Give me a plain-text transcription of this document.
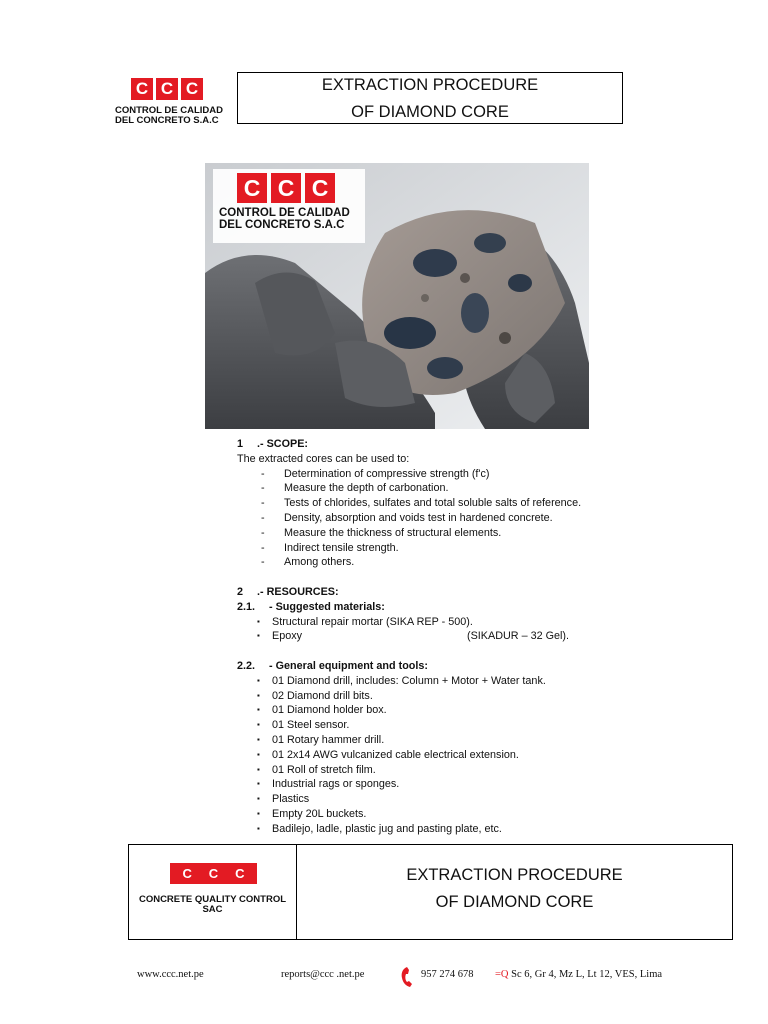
C C C
CONTROL DE CALIDAD
DEL CONCRETO S.A.C
EXTRACTION PROCEDURE
OF DIAMOND CORE
C C C
CONTROL DE CALIDAD
DEL CONCRETO S.A.C
1 .- SCOPE:
The extracted cores can be used to:
- Determination of compressive strength (f'c)
- Measure the depth of carbonation.
- Tests of chlorides, sulfates and total soluble salts of reference.
- Density, absorption and voids test in hardened concrete.
- Measure the thickness of structural elements.
- Indirect tensile strength.
- Among others.
2 .- RESOURCES:
2.1. - Suggested materials:
▪ Structural repair mortar (SIKA REP - 500).
▪ Epoxy	(SIKADUR – 32 Gel).
2.2. - General equipment and tools:
▪ 01 Diamond drill, includes: Column + Motor + Water tank.
▪ 02 Diamond drill bits.
▪ 01 Diamond holder box.
▪ 01 Steel sensor.
▪ 01 Rotary hammer drill.
▪ 01 2x14 AWG vulcanized cable electrical extension.
▪ 01 Roll of stretch film.
▪ Industrial rags or sponges.
▪ Plastics
▪ Empty 20L buckets.
▪ Badilejo, ladle, plastic jug and pasting plate, etc.
C C C
CONCRETE QUALITY CONTROL
SAC
EXTRACTION PROCEDURE
OF DIAMOND CORE
www.ccc.net.pe	reports@ccc .net.pe	957 274 678 =Q Sc 6, Gr 4, Mz L, Lt 12, VES, Lima
